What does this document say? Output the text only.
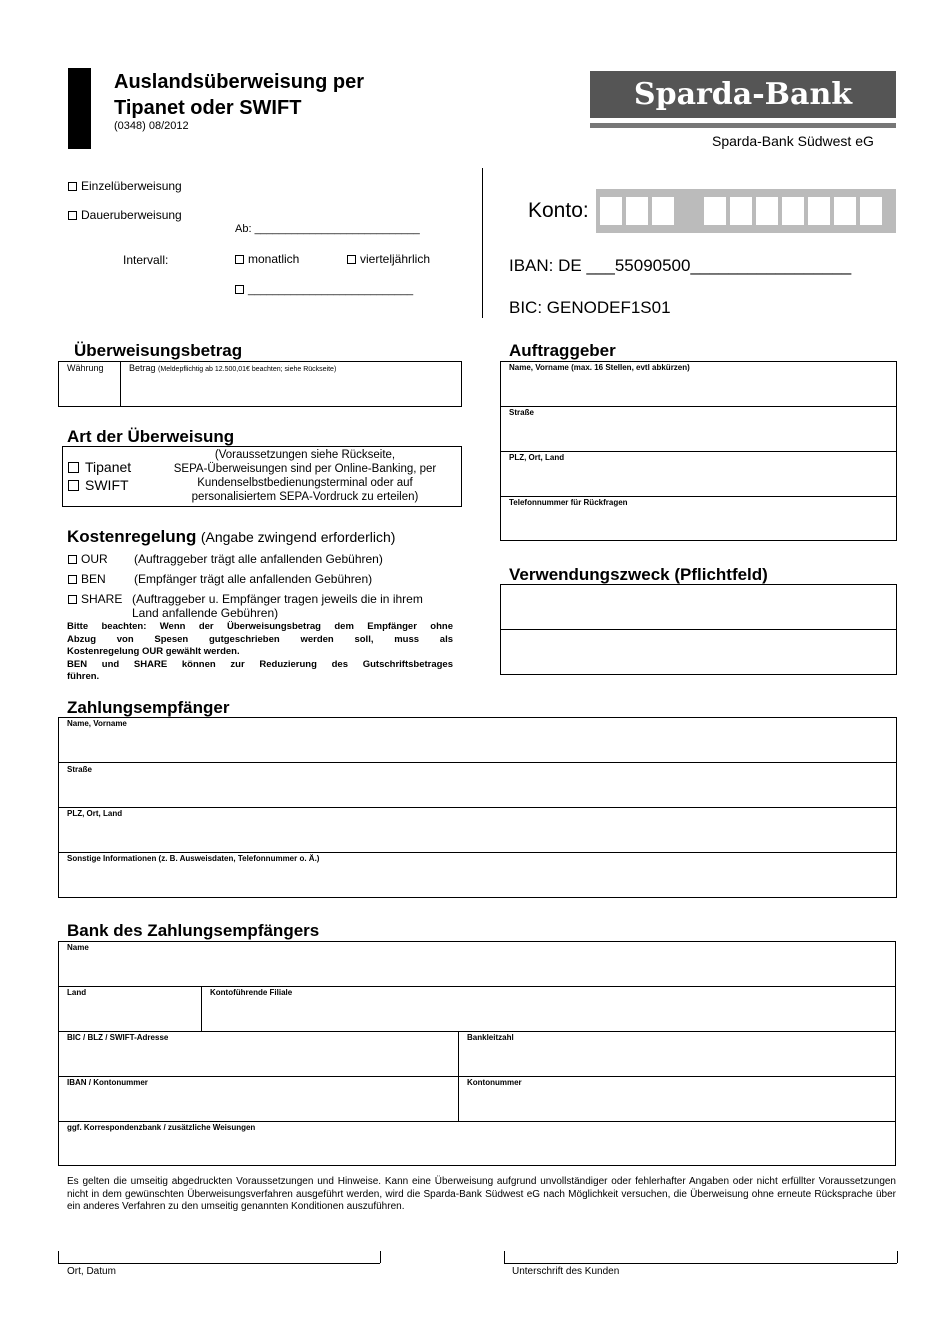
Auslandsüberweisung per
Tipanet oder SWIFT
(0348) 08/2012
Sparda-Bank
Sparda-Bank Südwest eG
Einzelüberweisung
Daueruberweisung
Ab: ___________________________
Intervall:	monatlich	vierteljährlich
___________________________
Konto:
IBAN: DE ___55090500_________________
BIC: GENODEF1S01
Überweisungsbetrag
Währung	Betrag (Meldepflichtig ab 12.500,01€ beachten; siehe Rückseite)
Art der Überweisung
Tipanet
SWIFT
(Voraussetzungen siehe Rückseite,
SEPA-Überweisungen sind per Online-Banking, per
Kundenselbstbedienungsterminal oder auf
personalisiertem SEPA-Vordruck zu erteilen)
Kostenregelung (Angabe zwingend erforderlich)
OUR (Auftraggeber trägt alle anfallenden Gebühren)
BEN (Empfänger trägt alle anfallenden Gebühren)
SHARE (Auftraggeber u. Empfänger tragen jeweils die in ihrem
Land anfallende Gebühren)
Bitte beachten: Wenn der Überweisungsbetrag dem Empfänger ohne
Abzug von Spesen gutgeschrieben werden soll, muss als
Kostenregelung OUR gewählt werden.
BEN und SHARE können zur Reduzierung des Gutschriftsbetrages
führen.
Auftraggeber
Name, Vorname (max. 16 Stellen, evtl abkürzen)
Straße
PLZ, Ort, Land
Telefonnummer für Rückfragen
Verwendungszweck (Pflichtfeld)
Zahlungsempfänger
Name, Vorname
Straße
PLZ, Ort, Land
Sonstige Informationen (z. B. Ausweisdaten, Telefonnummer o. Ä.)
Bank des Zahlungsempfängers
Name
Land	Kontoführende Filiale
BIC / BLZ / SWIFT-Adresse	Bankleitzahl
IBAN / Kontonummer	Kontonummer
ggf. Korrespondenzbank / zusätzliche Weisungen
Es gelten die umseitig abgedruckten Voraussetzungen und Hinweise. Kann eine Überweisung aufgrund unvollständiger oder fehlerhafter Angaben oder nicht erfüllter Voraussetzungen nicht in dem gewünschten Überweisungsverfahren ausgeführt werden, wird die Sparda-Bank Südwest eG nach Möglichkeit versuchen, die Überweisung ohne erneute Rücksprache über ein anderes Verfahren zu den umseitig genannten Konditionen auszuführen.
Ort, Datum	Unterschrift des Kunden
